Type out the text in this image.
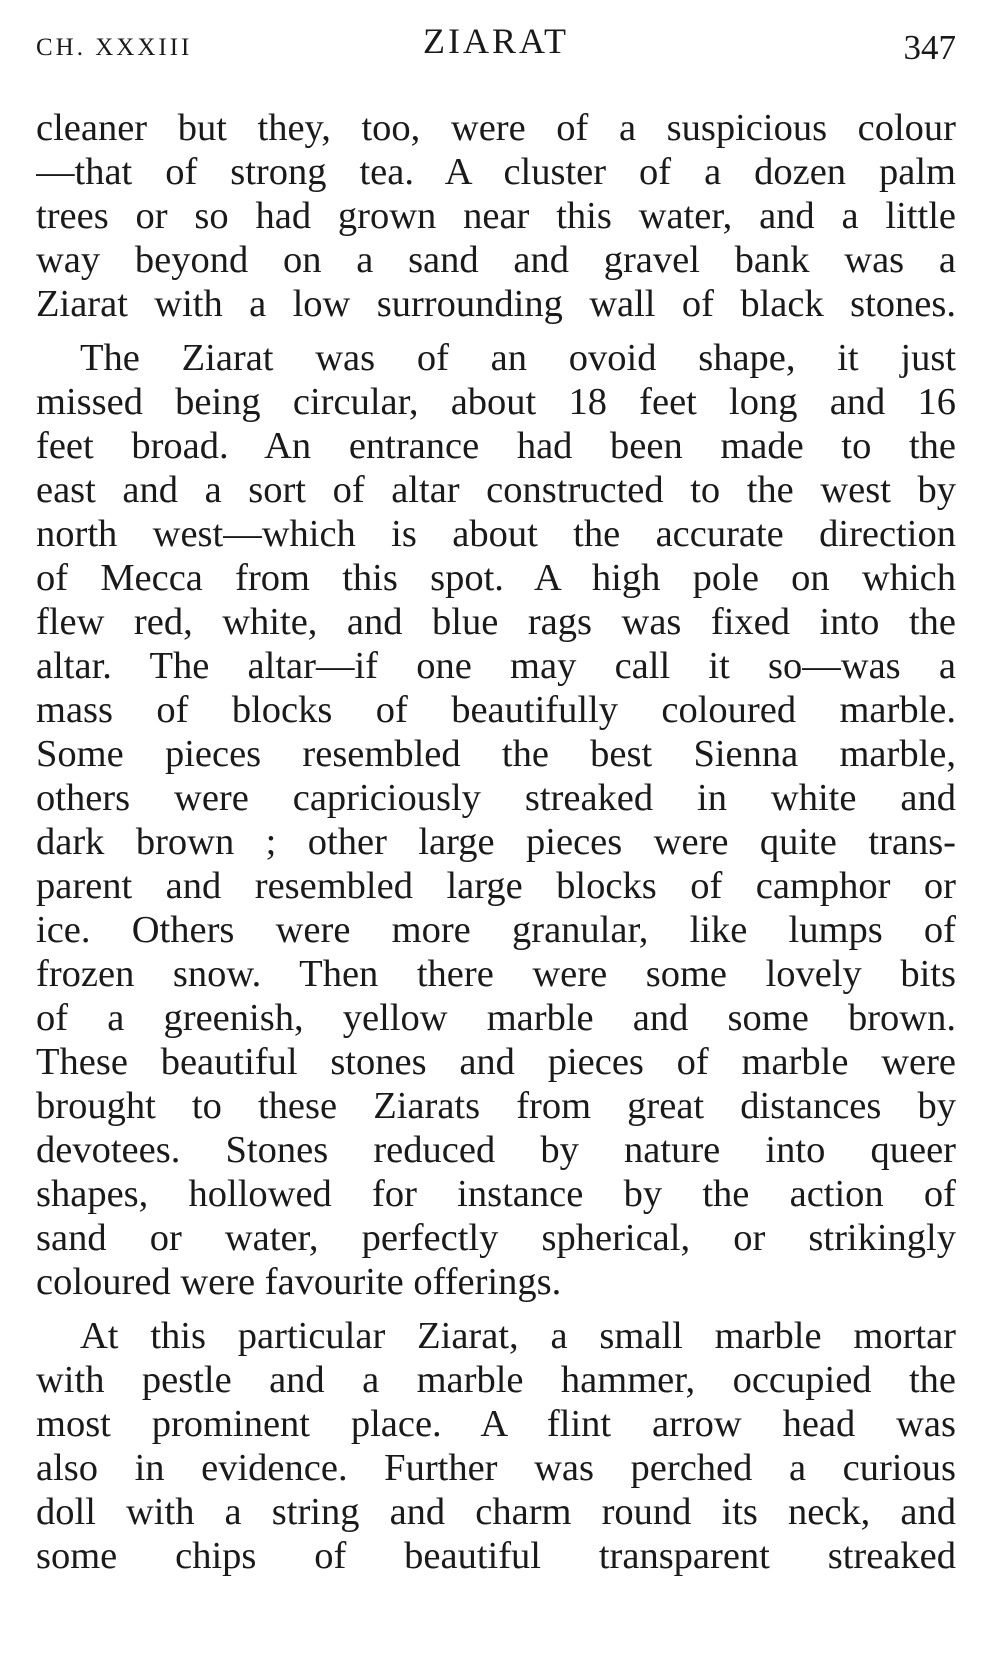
CH. XXXIII	ZIARAT	347
cleaner but they, too, were of a suspicious colour
—that of strong tea. A cluster of a dozen palm
trees or so had grown near this water, and a little
way beyond on a sand and gravel bank was a
Ziarat with a low surrounding wall of black stones.
The Ziarat was of an ovoid shape, it just
missed being circular, about 18 feet long and 16
feet broad. An entrance had been made to the
east and a sort of altar constructed to the west by
north west—which is about the accurate direction
of Mecca from this spot. A high pole on which
flew red, white, and blue rags was fixed into the
altar. The altar—if one may call it so—was a
mass of blocks of beautifully coloured marble.
Some pieces resembled the best Sienna marble,
others were capriciously streaked in white and
dark brown ; other large pieces were quite trans-
parent and resembled large blocks of camphor or
ice. Others were more granular, like lumps of
frozen snow. Then there were some lovely bits
of a greenish, yellow marble and some brown.
These beautiful stones and pieces of marble were
brought to these Ziarats from great distances by
devotees. Stones reduced by nature into queer
shapes, hollowed for instance by the action of
sand or water, perfectly spherical, or strikingly
coloured were favourite offerings.
At this particular Ziarat, a small marble mortar
with pestle and a marble hammer, occupied the
most prominent place. A flint arrow head was
also in evidence. Further was perched a curious
doll with a string and charm round its neck, and
some chips of beautiful transparent streaked
